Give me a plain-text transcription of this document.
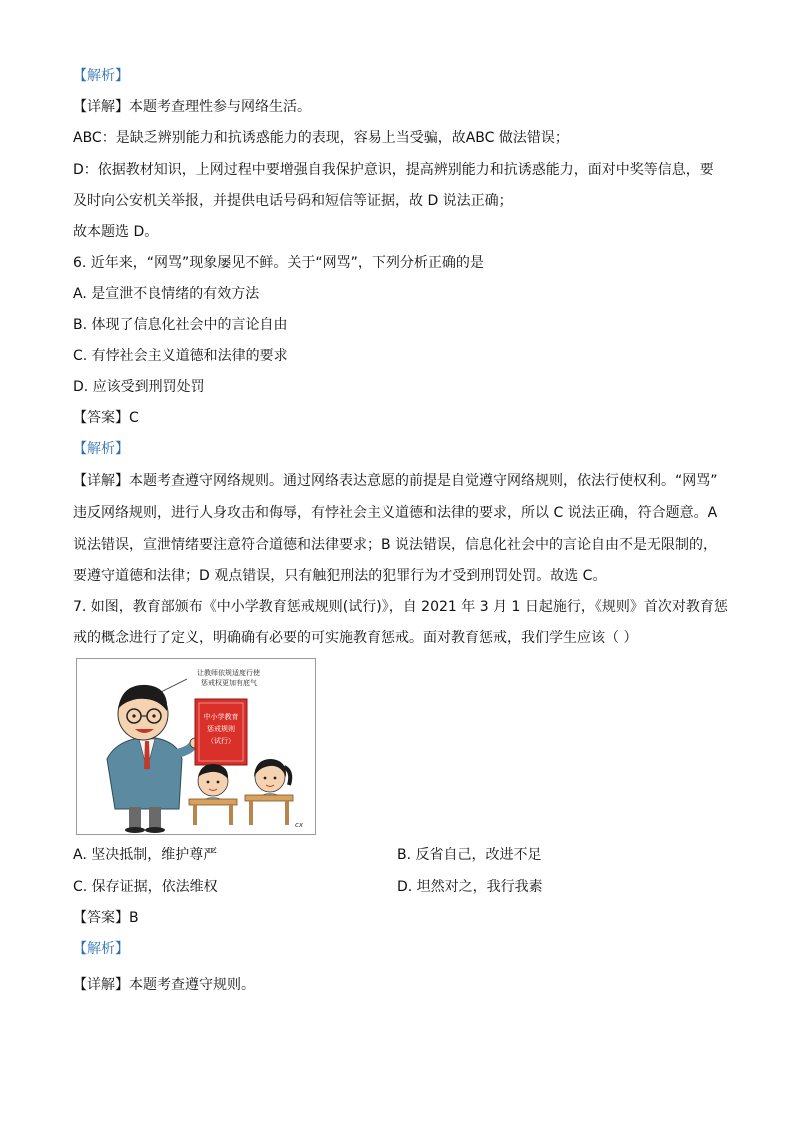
【解析】
【详解】本题考查理性参与网络生活。
ABC：是缺乏辨别能力和抗诱惑能力的表现，容易上当受骗，故ABC 做法错误；
D：依据教材知识，上网过程中要增强自我保护意识，提高辨别能力和抗诱惑能力，面对中奖等信息，要
及时向公安机关举报，并提供电话号码和短信等证据，故 D 说法正确；
故本题选 D。
6. 近年来，“网骂”现象屡见不鲜。关于“网骂”，下列分析正确的是
A. 是宣泄不良情绪的有效方法
B. 体现了信息化社会中的言论自由
C. 有悖社会主义道德和法律的要求
D. 应该受到刑罚处罚
【答案】C
【解析】
【详解】本题考查遵守网络规则。通过网络表达意愿的前提是自觉遵守网络规则，依法行使权利。“网骂”
违反网络规则，进行人身攻击和侮辱，有悖社会主义道德和法律的要求，所以 C 说法正确，符合题意。A
说法错误，宣泄情绪要注意符合道德和法律要求；B 说法错误，信息化社会中的言论自由不是无限制的，
要遵守道德和法律；D 观点错误，只有触犯刑法的犯罪行为才受到刑罚处罚。故选 C。
7. 如图，教育部颁布《中小学教育惩戒规则(试行)》，自 2021 年 3 月 1 日起施行，《规则》首次对教育惩
戒的概念进行了定义，明确确有必要的可实施教育惩戒。面对教育惩戒，我们学生应该（ ）
让教师依规适度行使
惩戒权更加有底气
中小学教育
惩戒规则
（试行）
cx
A. 坚决抵制，维护尊严	B. 反省自己，改进不足
C. 保存证据，依法维权	D. 坦然对之，我行我素
【答案】B
【解析】
【详解】本题考查遵守规则。
